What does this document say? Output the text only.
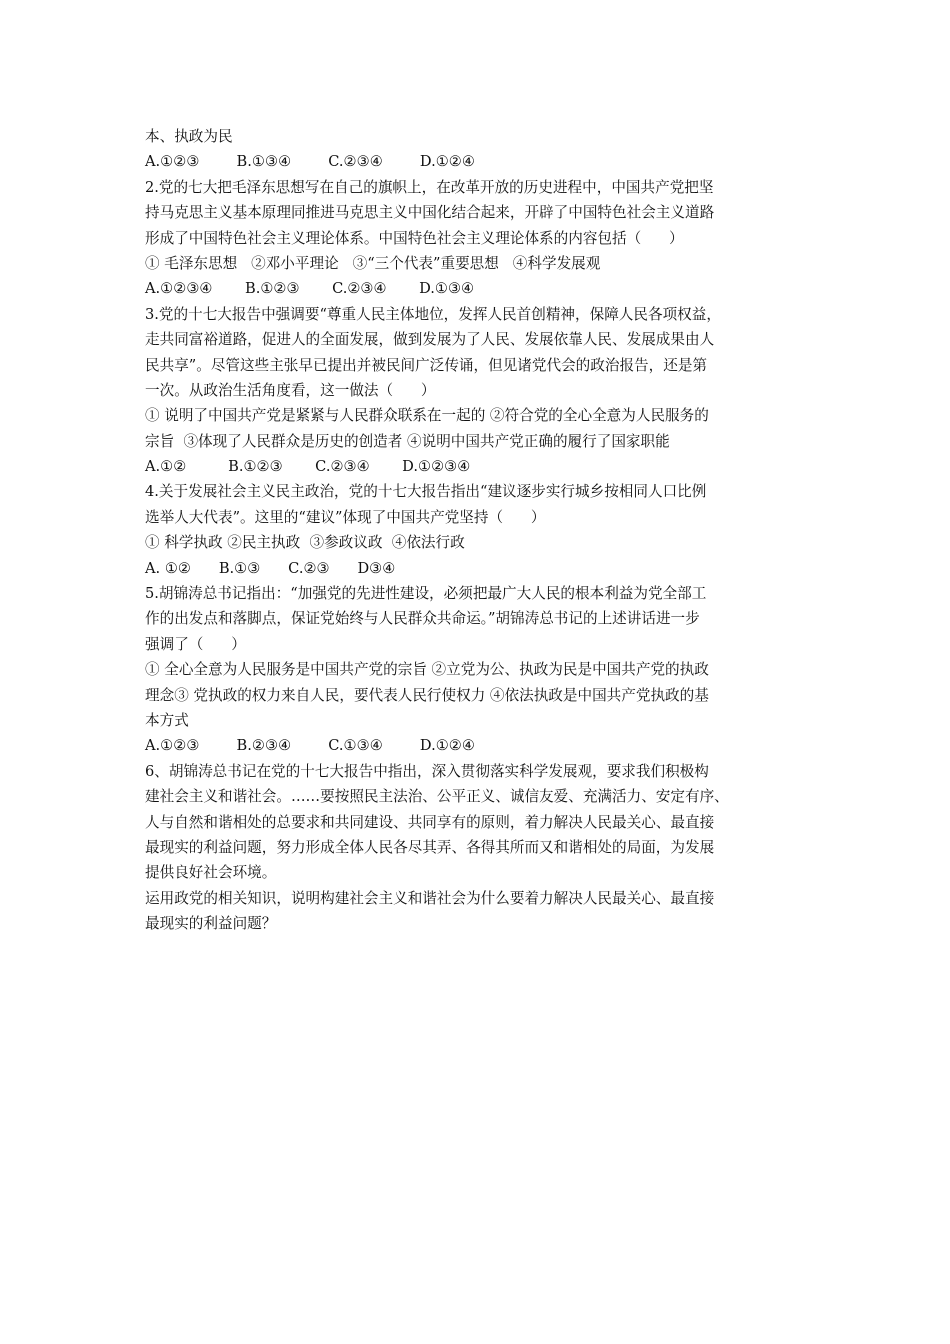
本、执政为民
A.①②③        B.①③④        C.②③④        D.①②④
2.党的七大把毛泽东思想写在自己的旗帜上，在改革开放的历史进程中，中国共产党把坚
持马克思主义基本原理同推进马克思主义中国化结合起来，开辟了中国特色社会主义道路
形成了中国特色社会主义理论体系。中国特色社会主义理论体系的内容包括（      ）
① 毛泽东思想   ②邓小平理论   ③“三个代表”重要思想   ④科学发展观
A.①②③④       B.①②③       C.②③④       D.①③④
3.党的十七大报告中强调要“尊重人民主体地位，发挥人民首创精神，保障人民各项权益，
走共同富裕道路，促进人的全面发展，做到发展为了人民、发展依靠人民、发展成果由人
民共享”。尽管这些主张早已提出并被民间广泛传诵，但见诸党代会的政治报告，还是第
一次。从政治生活角度看，这一做法（      ）
① 说明了中国共产党是紧紧与人民群众联系在一起的 ②符合党的全心全意为人民服务的
宗旨  ③体现了人民群众是历史的创造者 ④说明中国共产党正确的履行了国家职能
A.①②         B.①②③       C.②③④       D.①②③④
4.关于发展社会主义民主政治，党的十七大报告指出“建议逐步实行城乡按相同人口比例
选举人大代表”。这里的“建议”体现了中国共产党坚持（      ）
① 科学执政 ②民主执政  ③参政议政  ④依法行政
A. ①②      B.①③      C.②③      D③④
5.胡锦涛总书记指出：“加强党的先进性建设，必须把最广大人民的根本利益为党全部工
作的出发点和落脚点，保证党始终与人民群众共命运。”胡锦涛总书记的上述讲话进一步
强调了（      ）
① 全心全意为人民服务是中国共产党的宗旨 ②立党为公、执政为民是中国共产党的执政
理念③ 党执政的权力来自人民，要代表人民行使权力 ④依法执政是中国共产党执政的基
本方式
A.①②③        B.②③④        C.①③④        D.①②④
6、胡锦涛总书记在党的十七大报告中指出，深入贯彻落实科学发展观，要求我们积极构
建社会主义和谐社会。……要按照民主法治、公平正义、诚信友爱、充满活力、安定有序、
人与自然和谐相处的总要求和共同建设、共同享有的原则，着力解决人民最关心、最直接
最现实的利益问题，努力形成全体人民各尽其弄、各得其所而又和谐相处的局面，为发展
提供良好社会环境。
运用政党的相关知识，说明构建社会主义和谐社会为什么要着力解决人民最关心、最直接
最现实的利益问题？
